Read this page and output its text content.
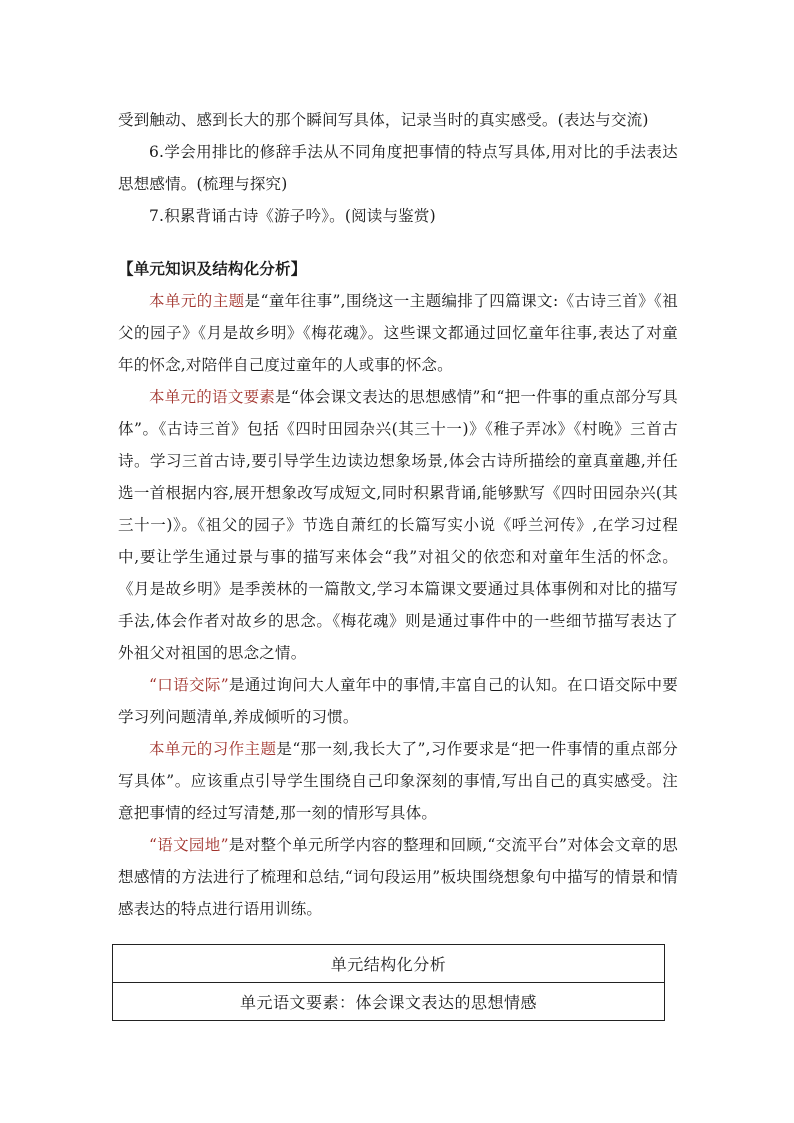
受到触动、感到长大的那个瞬间写具体，记录当时的真实感受。(表达与交流)

6.学会用排比的修辞手法从不同角度把事情的特点写具体,用对比的手法表达思想感情。(梳理与探究)

7.积累背诵古诗《游子吟》。(阅读与鉴赏)

【单元知识及结构化分析】

本单元的主题是“童年往事”,围绕这一主题编排了四篇课文:《古诗三首》《祖父的园子》《月是故乡明》《梅花魂》。这些课文都通过回忆童年往事,表达了对童年的怀念,对陪伴自己度过童年的人或事的怀念。

本单元的语文要素是“体会课文表达的思想感情”和“把一件事的重点部分写具体”。《古诗三首》包括《四时田园杂兴(其三十一)》《稚子弄冰》《村晚》三首古诗。学习三首古诗,要引导学生边读边想象场景,体会古诗所描绘的童真童趣,并任选一首根据内容,展开想象改写成短文,同时积累背诵,能够默写《四时田园杂兴(其三十一)》。《祖父的园子》节选自萧红的长篇写实小说《呼兰河传》,在学习过程中,要让学生通过景与事的描写来体会“我”对祖父的依恋和对童年生活的怀念。《月是故乡明》是季羡林的一篇散文,学习本篇课文要通过具体事例和对比的描写手法,体会作者对故乡的思念。《梅花魂》则是通过事件中的一些细节描写表达了外祖父对祖国的思念之情。

“口语交际”是通过询问大人童年中的事情,丰富自己的认知。在口语交际中要学习列问题清单,养成倾听的习惯。

本单元的习作主题是“那一刻,我长大了”,习作要求是“把一件事情的重点部分写具体”。应该重点引导学生围绕自己印象深刻的事情,写出自己的真实感受。注意把事情的经过写清楚,那一刻的情形写具体。

“语文园地”是对整个单元所学内容的整理和回顾,“交流平台”对体会文章的思想感情的方法进行了梳理和总结,“词句段运用”板块围绕想象句中描写的情景和情感表达的特点进行语用训练。

单元结构化分析
单元语文要素：体会课文表达的思想情感
